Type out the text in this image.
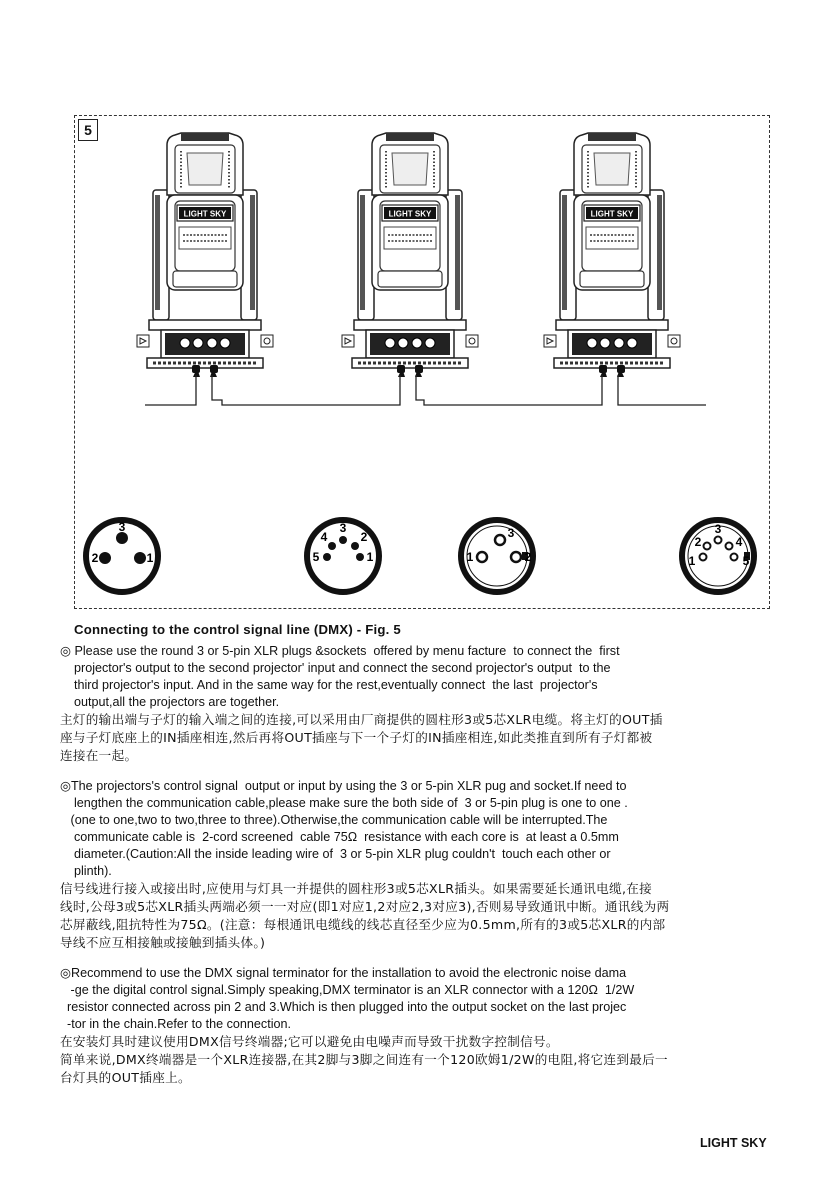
3
2	1
4
3
2
5	1
3
1	2
2
3
4
1	5
5
Connecting to the control signal line (DMX) - Fig. 5

◎ Please use the round 3 or 5-pin XLR plugs &sockets  offered by menu facture  to connect the  first

projector's output to the second projector' input and connect the second projector's output  to the

third projector's input. And in the same way for the rest,eventually connect  the last  projector's

output,all the projectors are together.

主灯的输出端与子灯的输入端之间的连接,可以采用由厂商提供的圆柱形3或5芯XLR电缆。将主灯的OUT插

座与子灯底座上的IN插座相连,然后再将OUT插座与下一个子灯的IN插座相连,如此类推直到所有子灯都被

连接在一起。

◎The projectors's control signal  output or input by using the 3 or 5-pin XLR pug and socket.If need to

lengthen the communication cable,please make sure the both side of  3 or 5-pin plug is one to one .

(one to one,two to two,three to three).Otherwise,the communication cable will be interrupted.The

communicate cable is  2-cord screened  cable 75Ω  resistance with each core is  at least a 0.5mm

diameter.(Caution:All the inside leading wire of  3 or 5-pin XLR plug couldn't  touch each other or

plinth).

信号线进行接入或接出时,应使用与灯具一并提供的圆柱形3或5芯XLR插头。如果需要延长通讯电缆,在接

线时,公母3或5芯XLR插头两端必须一一对应(即1对应1,2对应2,3对应3),否则易导致通讯中断。通讯线为两

芯屏蔽线,阻抗特性为75Ω。(注意：每根通讯电缆线的线芯直径至少应为0.5mm,所有的3或5芯XLR的内部

导线不应互相接触或接触到插头体。)

◎Recommend to use the DMX signal terminator for the installation to avoid the electronic noise dama

-ge the digital control signal.Simply speaking,DMX terminator is an XLR connector with a 120Ω  1/2W

resistor connected across pin 2 and 3.Which is then plugged into the output socket on the last projec

-tor in the chain.Refer to the connection.

在安装灯具时建议使用DMX信号终端器;它可以避免由电噪声而导致干扰数字控制信号。

简单来说,DMX终端器是一个XLR连接器,在其2脚与3脚之间连有一个120欧姆1/2W的电阻,将它连到最后一

台灯具的OUT插座上。

LIGHT SKY
